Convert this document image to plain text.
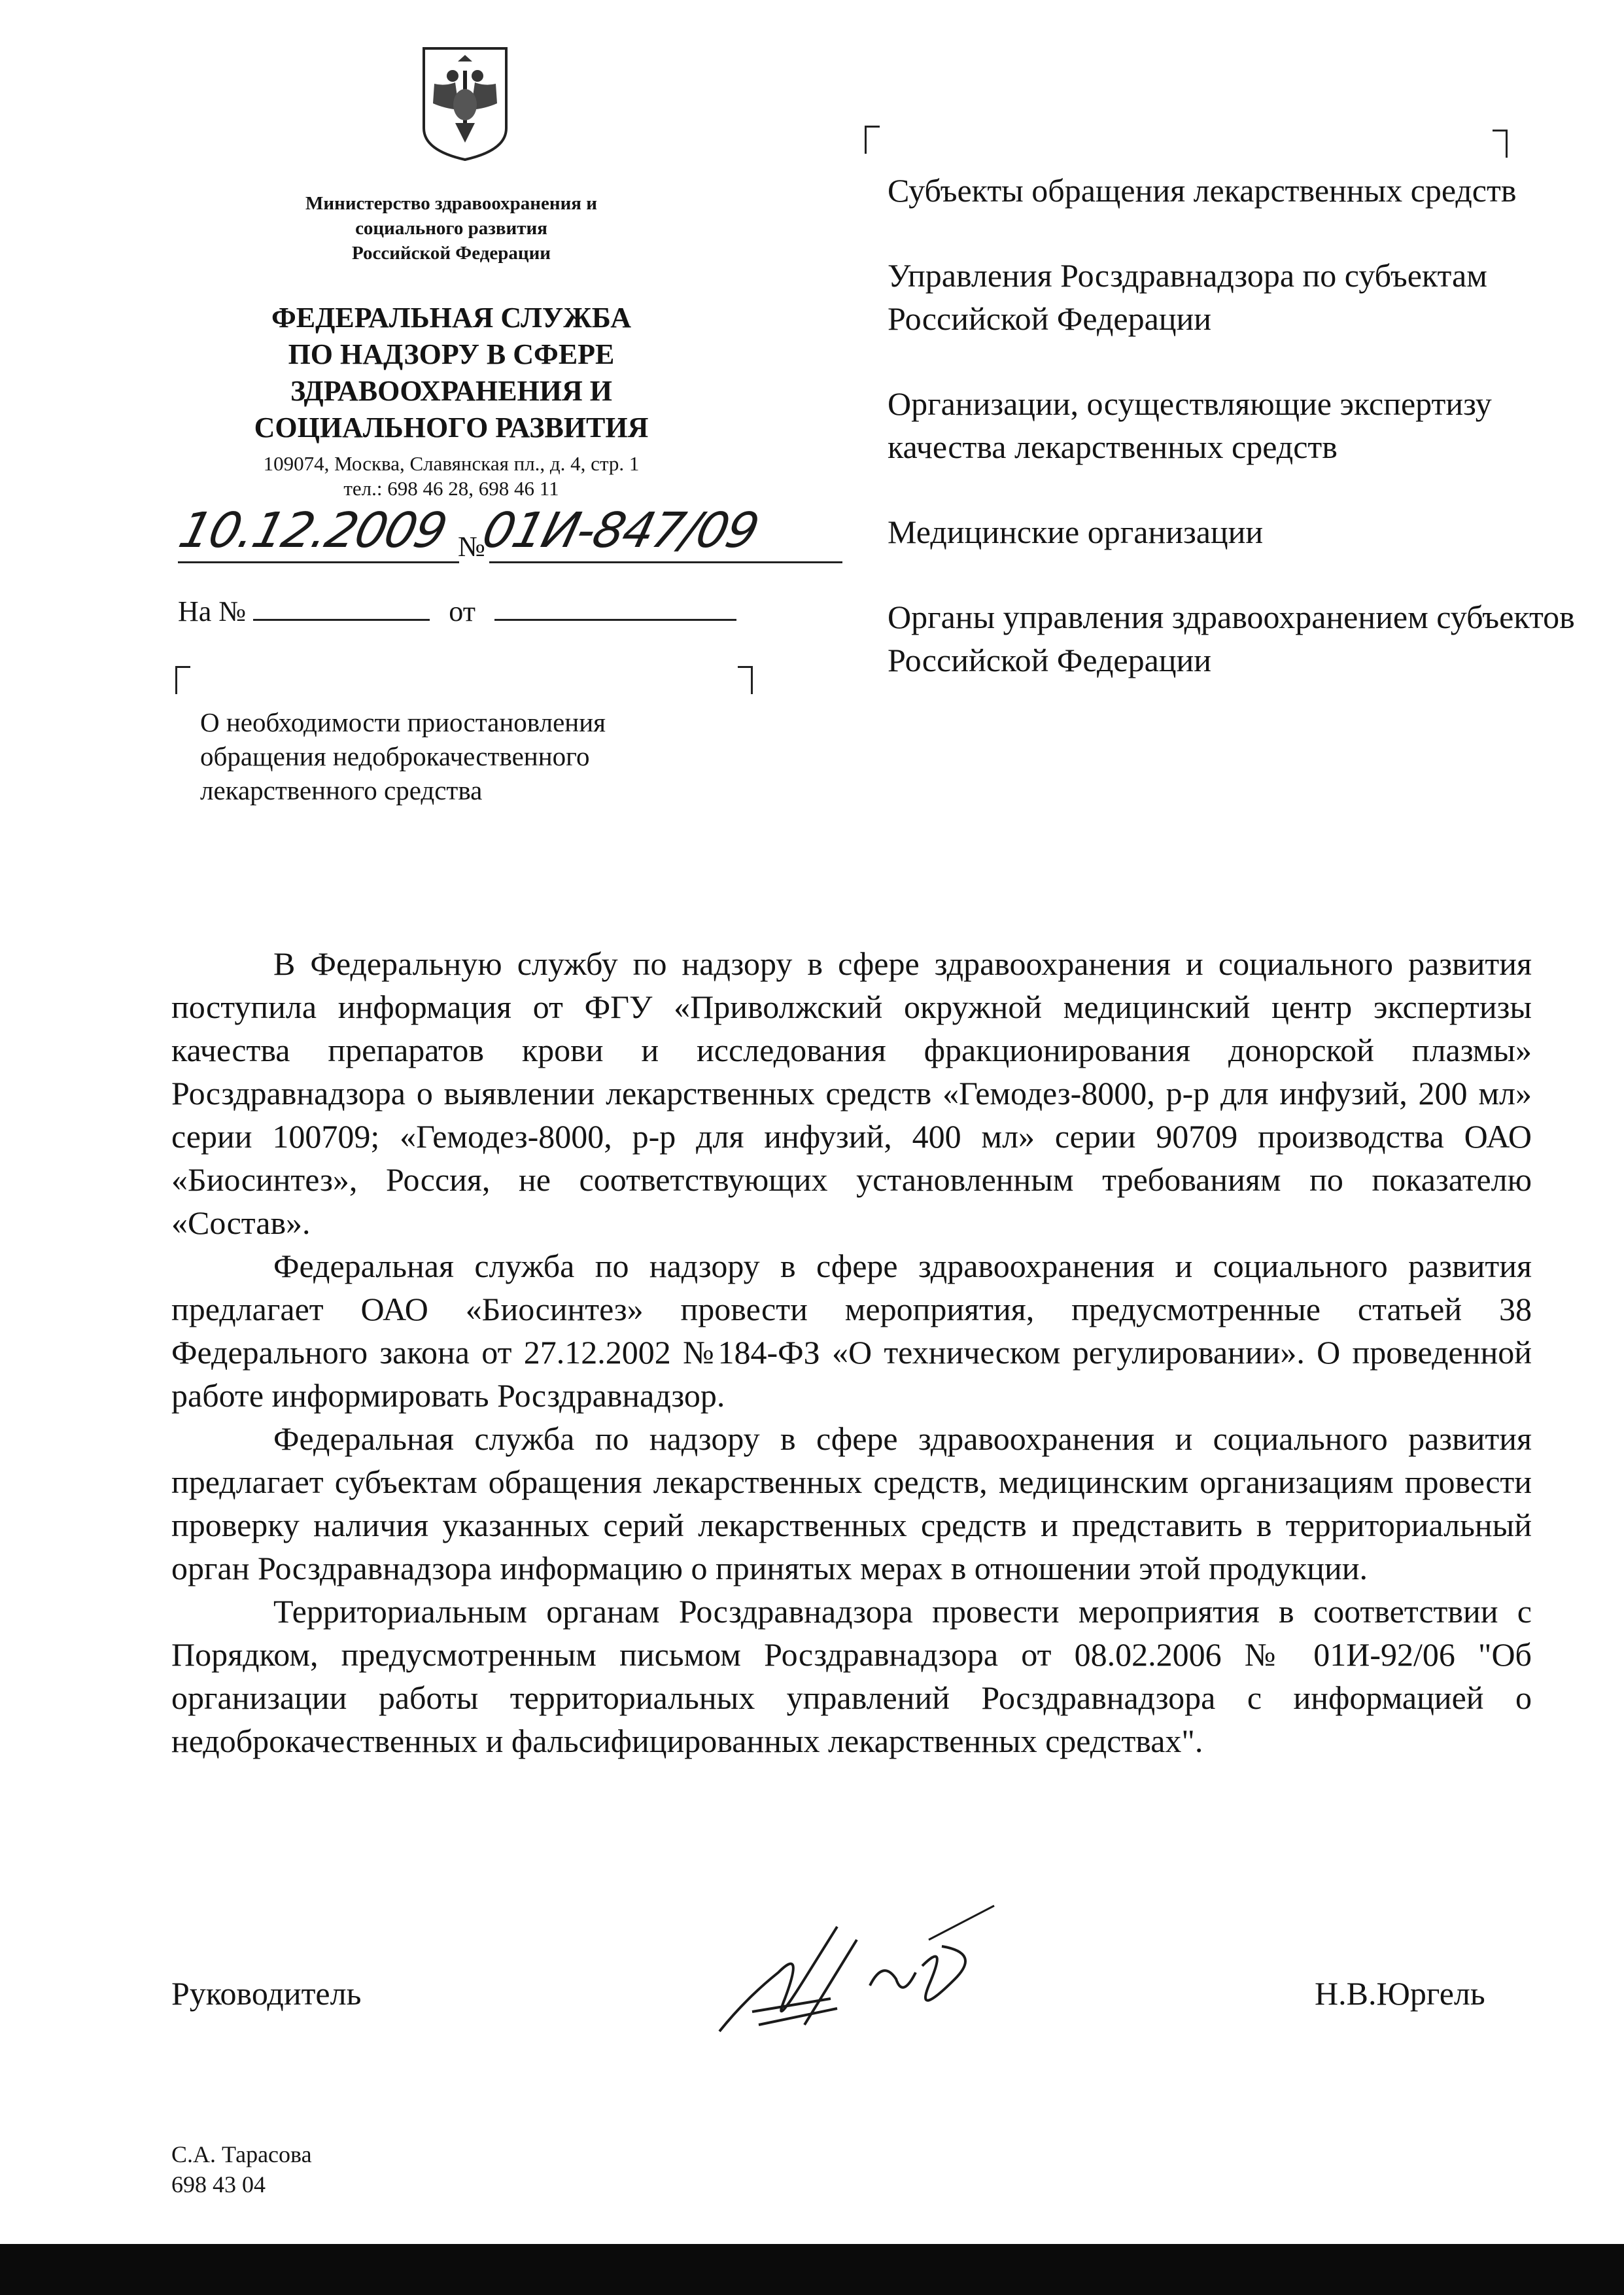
Министерство здравоохранения и
социального развития
Российской Федерации
ФЕДЕРАЛЬНАЯ СЛУЖБА
ПО НАДЗОРУ В СФЕРЕ
ЗДРАВООХРАНЕНИЯ И
СОЦИАЛЬНОГО РАЗВИТИЯ
109074, Москва, Славянская пл., д. 4, стр. 1
тел.: 698 46 28, 698 46 11
10.12.2009 №
01И-847/09
На №	от
О необходимости приостановления
обращения недоброкачественного
лекарственного средства
Субъекты обращения лекарственных средств
Управления Росздравнадзора по субъектам Российской Федерации
Организации, осуществляющие экспертизу качества лекарственных средств
Медицинские организации
Органы управления здравоохранением субъектов Российской Федерации

В Федеральную службу по надзору в сфере здравоохранения и социального развития поступила информация от ФГУ «Приволжский окружной медицинский центр экспертизы качества препаратов крови и исследования фракционирования донорской плазмы» Росздравнадзора о выявлении лекарственных средств «Гемодез-8000, р-р для инфузий, 200 мл» серии 100709; «Гемодез-8000, р-р для инфузий, 400 мл» серии 90709 производства ОАО «Биосинтез», Россия, не соответствующих установленным требованиям по показателю «Состав».

Федеральная служба по надзору в сфере здравоохранения и социального развития предлагает ОАО «Биосинтез» провести мероприятия, предусмотренные статьей 38 Федерального закона от 27.12.2002 №184-ФЗ «О техническом регулировании». О проведенной работе информировать Росздравнадзор.

Федеральная служба по надзору в сфере здравоохранения и социального развития предлагает субъектам обращения лекарственных средств, медицинским организациям провести проверку наличия указанных серий лекарственных средств и представить в территориальный орган Росздравнадзора информацию о принятых мерах в отношении этой продукции.

Территориальным органам Росздравнадзора провести мероприятия в соответствии с Порядком, предусмотренным письмом Росздравнадзора от 08.02.2006 № 01И-92/06 "Об организации работы территориальных управлений Росздравнадзора с информацией о недоброкачественных и фальсифицированных лекарственных средствах".

Руководитель	Н.В.Юргель
С.А. Тарасова
698 43 04
